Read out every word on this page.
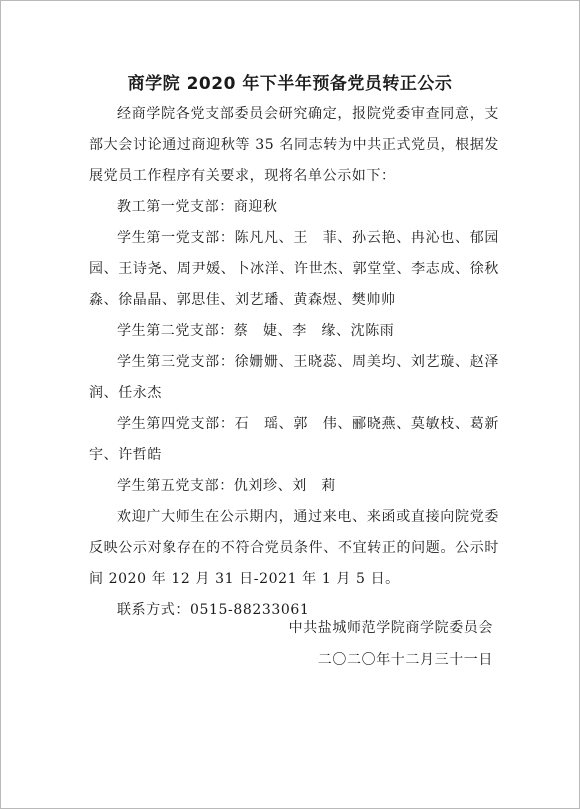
商学院 2020 年下半年预备党员转正公示

经商学院各党支部委员会研究确定，报院党委审查同意，支部大会讨论通过商迎秋等 35 名同志转为中共正式党员，根据发展党员工作程序有关要求，现将名单公示如下：

教工第一党支部：商迎秋

学生第一党支部：陈凡凡、王　菲、孙云艳、冉沁也、郁园园、王诗尧、周尹媛、卜冰洋、许世杰、郭堂堂、李志成、徐秋淼、徐晶晶、郭思佳、刘艺璠、黄森煜、樊帅帅

学生第二党支部：蔡　婕、李　缘、沈陈雨

学生第三党支部：徐姗姗、王晓蕊、周美均、刘艺璇、赵泽润、任永杰

学生第四党支部：石　瑶、郭　伟、郦晓燕、莫敏枝、葛新宇、许哲皓

学生第五党支部：仇刘珍、刘　莉

欢迎广大师生在公示期内，通过来电、来函或直接向院党委反映公示对象存在的不符合党员条件、不宜转正的问题。公示时间 2020 年 12 月 31 日-2021 年 1 月 5 日。

联系方式：0515-88233061

中共盐城师范学院商学院委员会
二〇二〇年十二月三十一日
